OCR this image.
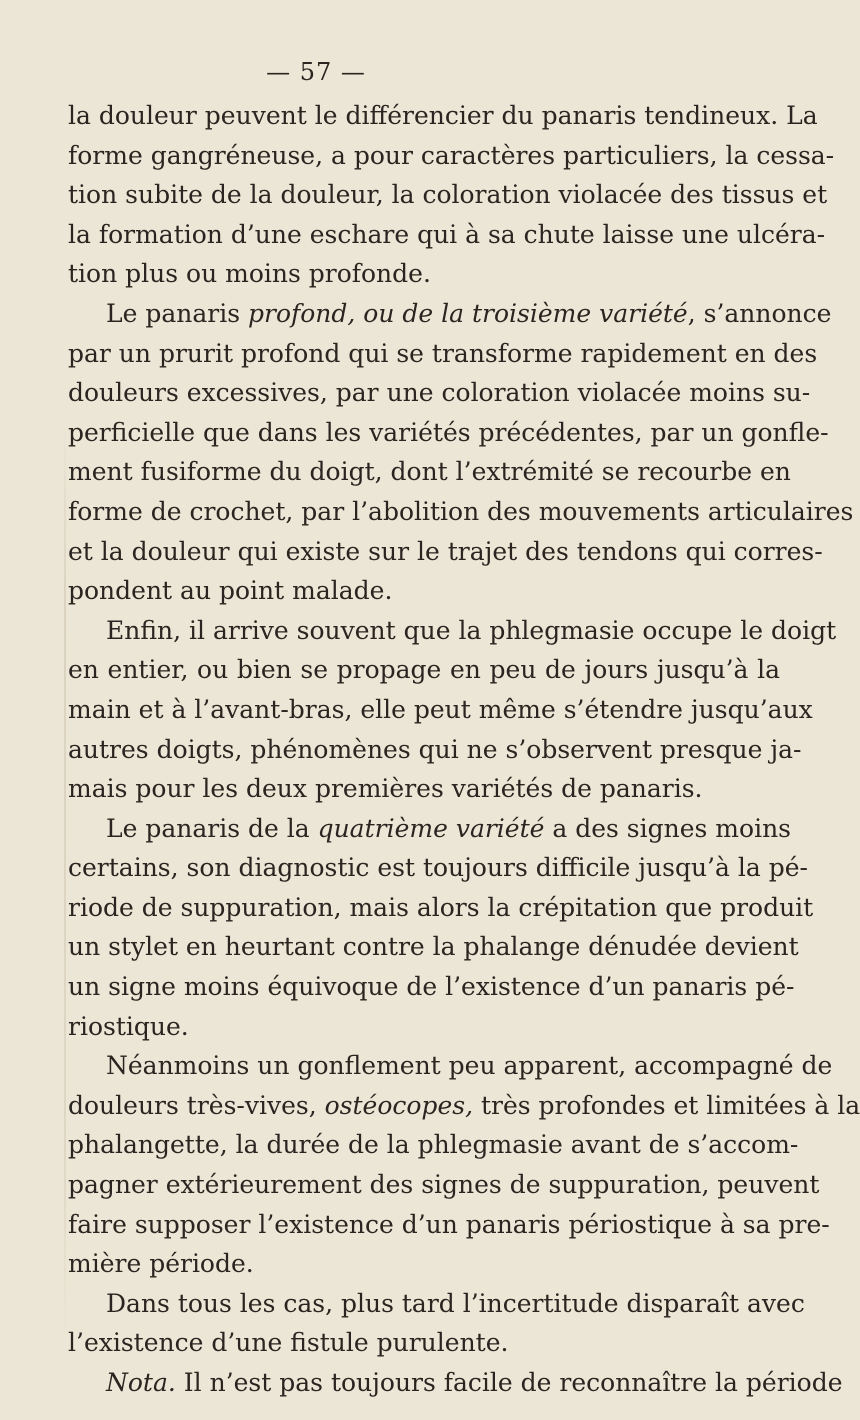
— 57 —
la douleur peuvent le différencier du panaris tendineux. La
forme gangréneuse, a pour caractères particuliers, la cessa-
tion subite de la douleur, la coloration violacée des tissus et
la formation d’une eschare qui à sa chute laisse une ulcéra-
tion plus ou moins profonde.
Le panaris profond, ou de la troisième variété, s’annonce
par un prurit profond qui se transforme rapidement en des
douleurs excessives, par une coloration violacée moins su-
perficielle que dans les variétés précédentes, par un gonfle-
ment fusiforme du doigt, dont l’extrémité se recourbe en
forme de crochet, par l’abolition des mouvements articulaires
et la douleur qui existe sur le trajet des tendons qui corres-
pondent au point malade.
Enfin, il arrive souvent que la phlegmasie occupe le doigt
en entier, ou bien se propage en peu de jours jusqu’à la
main et à l’avant-bras, elle peut même s’étendre jusqu’aux
autres doigts, phénomènes qui ne s’observent presque ja-
mais pour les deux premières variétés de panaris.
Le panaris de la quatrième variété a des signes moins
certains, son diagnostic est toujours difficile jusqu’à la pé-
riode de suppuration, mais alors la crépitation que produit
un stylet en heurtant contre la phalange dénudée devient
un signe moins équivoque de l’existence d’un panaris pé-
riostique.
Néanmoins un gonflement peu apparent, accompagné de
douleurs très-vives, ostéocopes, très profondes et limitées à la
phalangette, la durée de la phlegmasie avant de s’accom-
pagner extérieurement des signes de suppuration, peuvent
faire supposer l’existence d’un panaris périostique à sa pre-
mière période.
Dans tous les cas, plus tard l’incertitude disparaît avec
l’existence d’une fistule purulente.
Nota. Il n’est pas toujours facile de reconnaître la période
